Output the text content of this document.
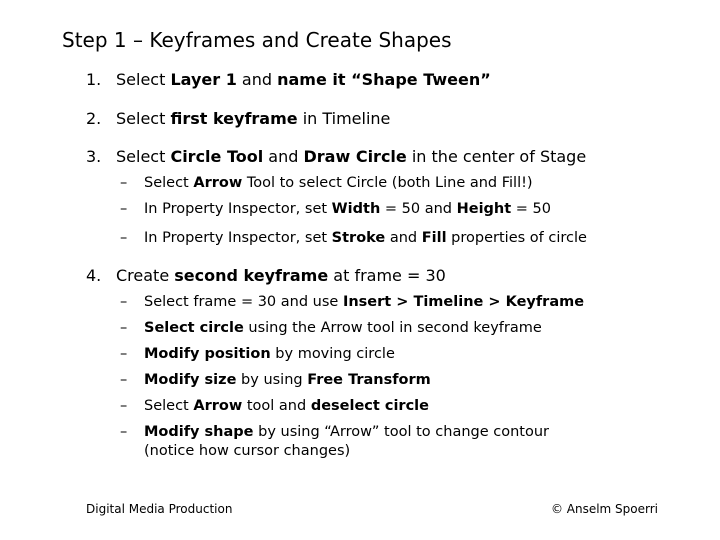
Step 1 – Keyframes and Create Shapes
1. Select Layer 1 and name it “Shape Tween”
2. Select first keyframe in Timeline
3. Select Circle Tool and Draw Circle in the center of Stage
– Select Arrow Tool to select Circle (both Line and Fill!)
– In Property Inspector, set Width = 50 and Height = 50
– In Property Inspector, set Stroke and Fill properties of circle
4. Create second keyframe at frame = 30
– Select frame = 30 and use Insert > Timeline > Keyframe
– Select circle using the Arrow tool in second keyframe
– Modify position by moving circle
– Modify size by using Free Transform
– Select Arrow tool and deselect circle
– Modify shape by using “Arrow” tool to change contour
(notice how cursor changes)
Digital Media Production	© Anselm Spoerri
